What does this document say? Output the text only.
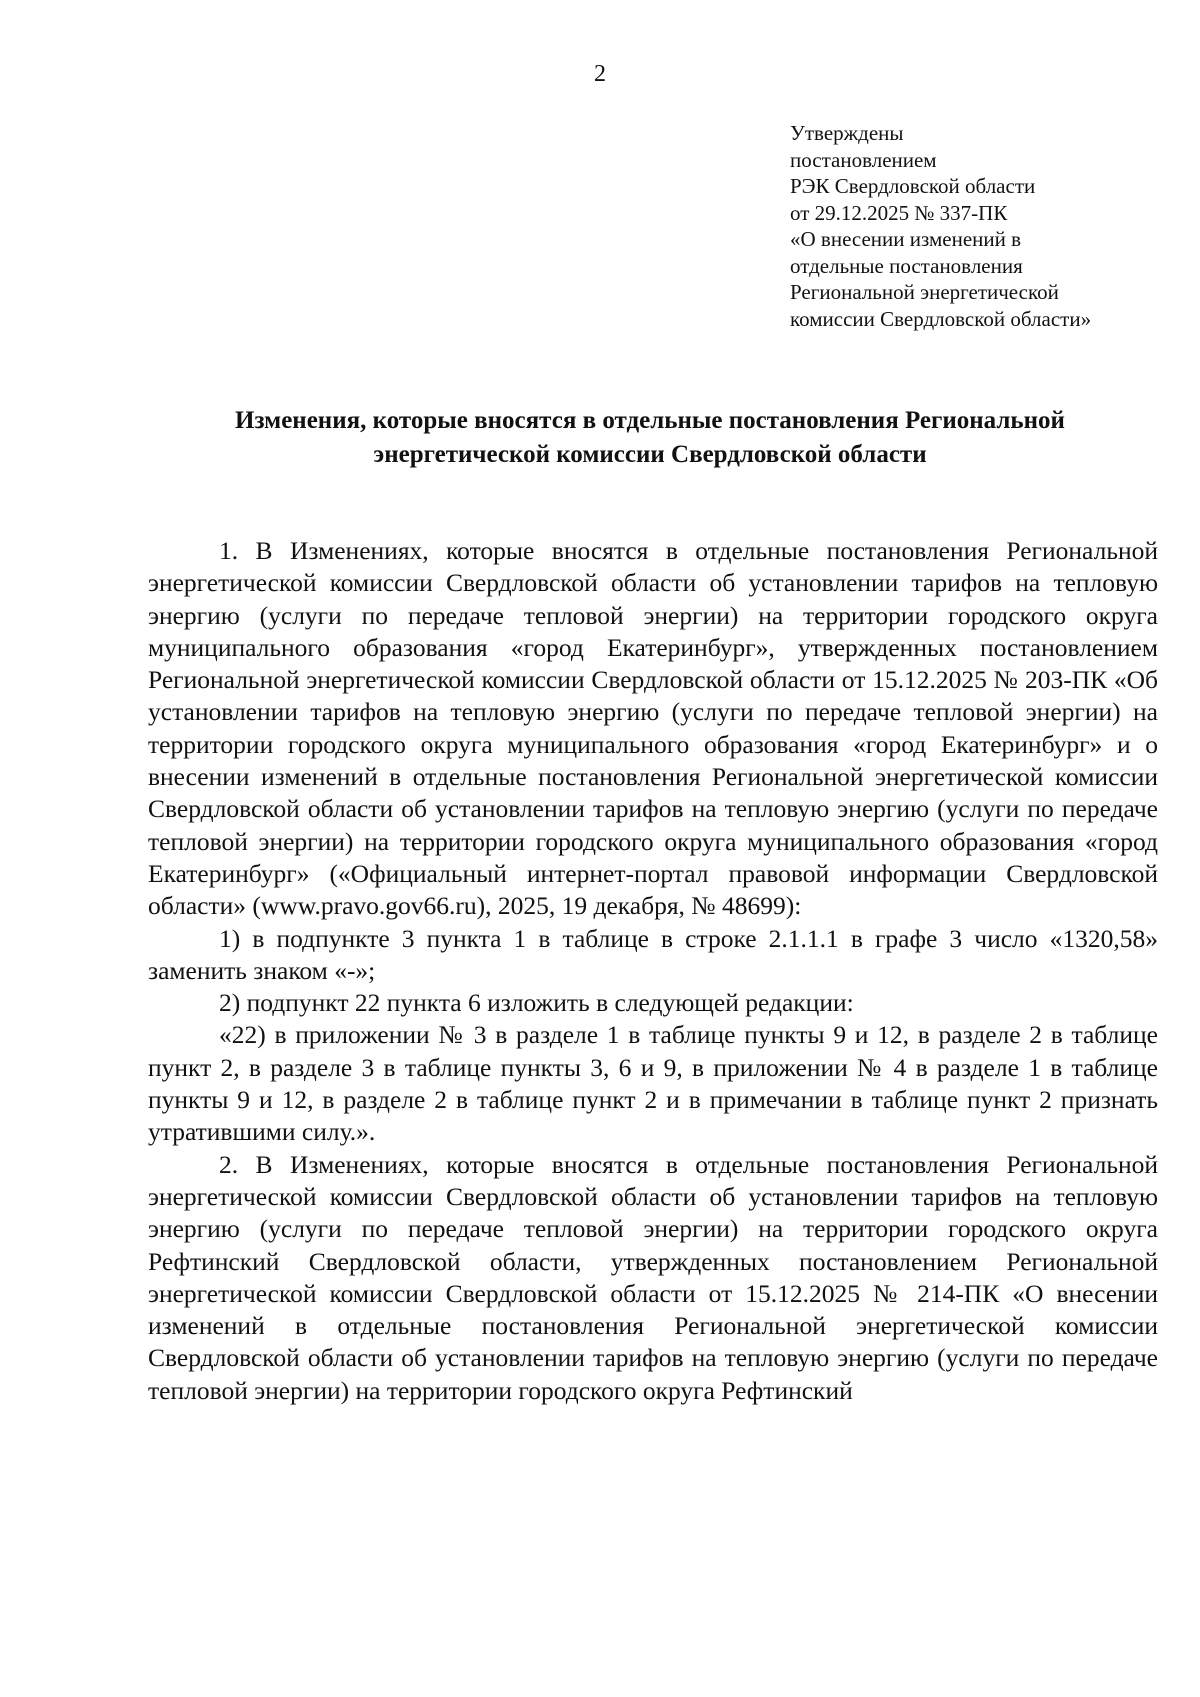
2
Утверждены
постановлением
РЭК Свердловской области
от 29.12.2025 № 337-ПК
«О внесении изменений в
отдельные постановления
Региональной энергетической
комиссии Свердловской области»
Изменения, которые вносятся в отдельные постановления Региональной
энергетической комиссии Свердловской области

1. В Изменениях, которые вносятся в отдельные постановления Региональной энергетической комиссии Свердловской области об установлении тарифов на тепловую энергию (услуги по передаче тепловой энергии) на территории городского округа муниципального образования «город Екатеринбург», утвержденных постановлением Региональной энергетической комиссии Свердловской области от 15.12.2025 № 203-ПК «Об установлении тарифов на тепловую энергию (услуги по передаче тепловой энергии) на территории городского округа муниципального образования «город Екатеринбург» и о внесении изменений в отдельные постановления Региональной энергетической комиссии Свердловской области об установлении тарифов на тепловую энергию (услуги по передаче тепловой энергии) на территории городского округа муниципального образования «город Екатеринбург» («Официальный интернет-портал правовой информации Свердловской области» (www.pravo.gov66.ru), 2025, 19 декабря, № 48699):

1) в подпункте 3 пункта 1 в таблице в строке 2.1.1.1 в графе 3 число «1320,58» заменить знаком «-»;

2) подпункт 22 пункта 6 изложить в следующей редакции:

«22) в приложении № 3 в разделе 1 в таблице пункты 9 и 12, в разделе 2 в таблице пункт 2, в разделе 3 в таблице пункты 3, 6 и 9, в приложении № 4 в разделе 1 в таблице пункты 9 и 12, в разделе 2 в таблице пункт 2 и в примечании в таблице пункт 2 признать утратившими силу.».

2. В Изменениях, которые вносятся в отдельные постановления Региональной энергетической комиссии Свердловской области об установлении тарифов на тепловую энергию (услуги по передаче тепловой энергии) на территории городского округа Рефтинский Свердловской области, утвержденных постановлением Региональной энергетической комиссии Свердловской области от 15.12.2025 № 214-ПК «О внесении изменений в отдельные постановления Региональной энергетической комиссии Свердловской области об установлении тарифов на тепловую энергию (услуги по передаче тепловой энергии) на территории городского округа Рефтинский
